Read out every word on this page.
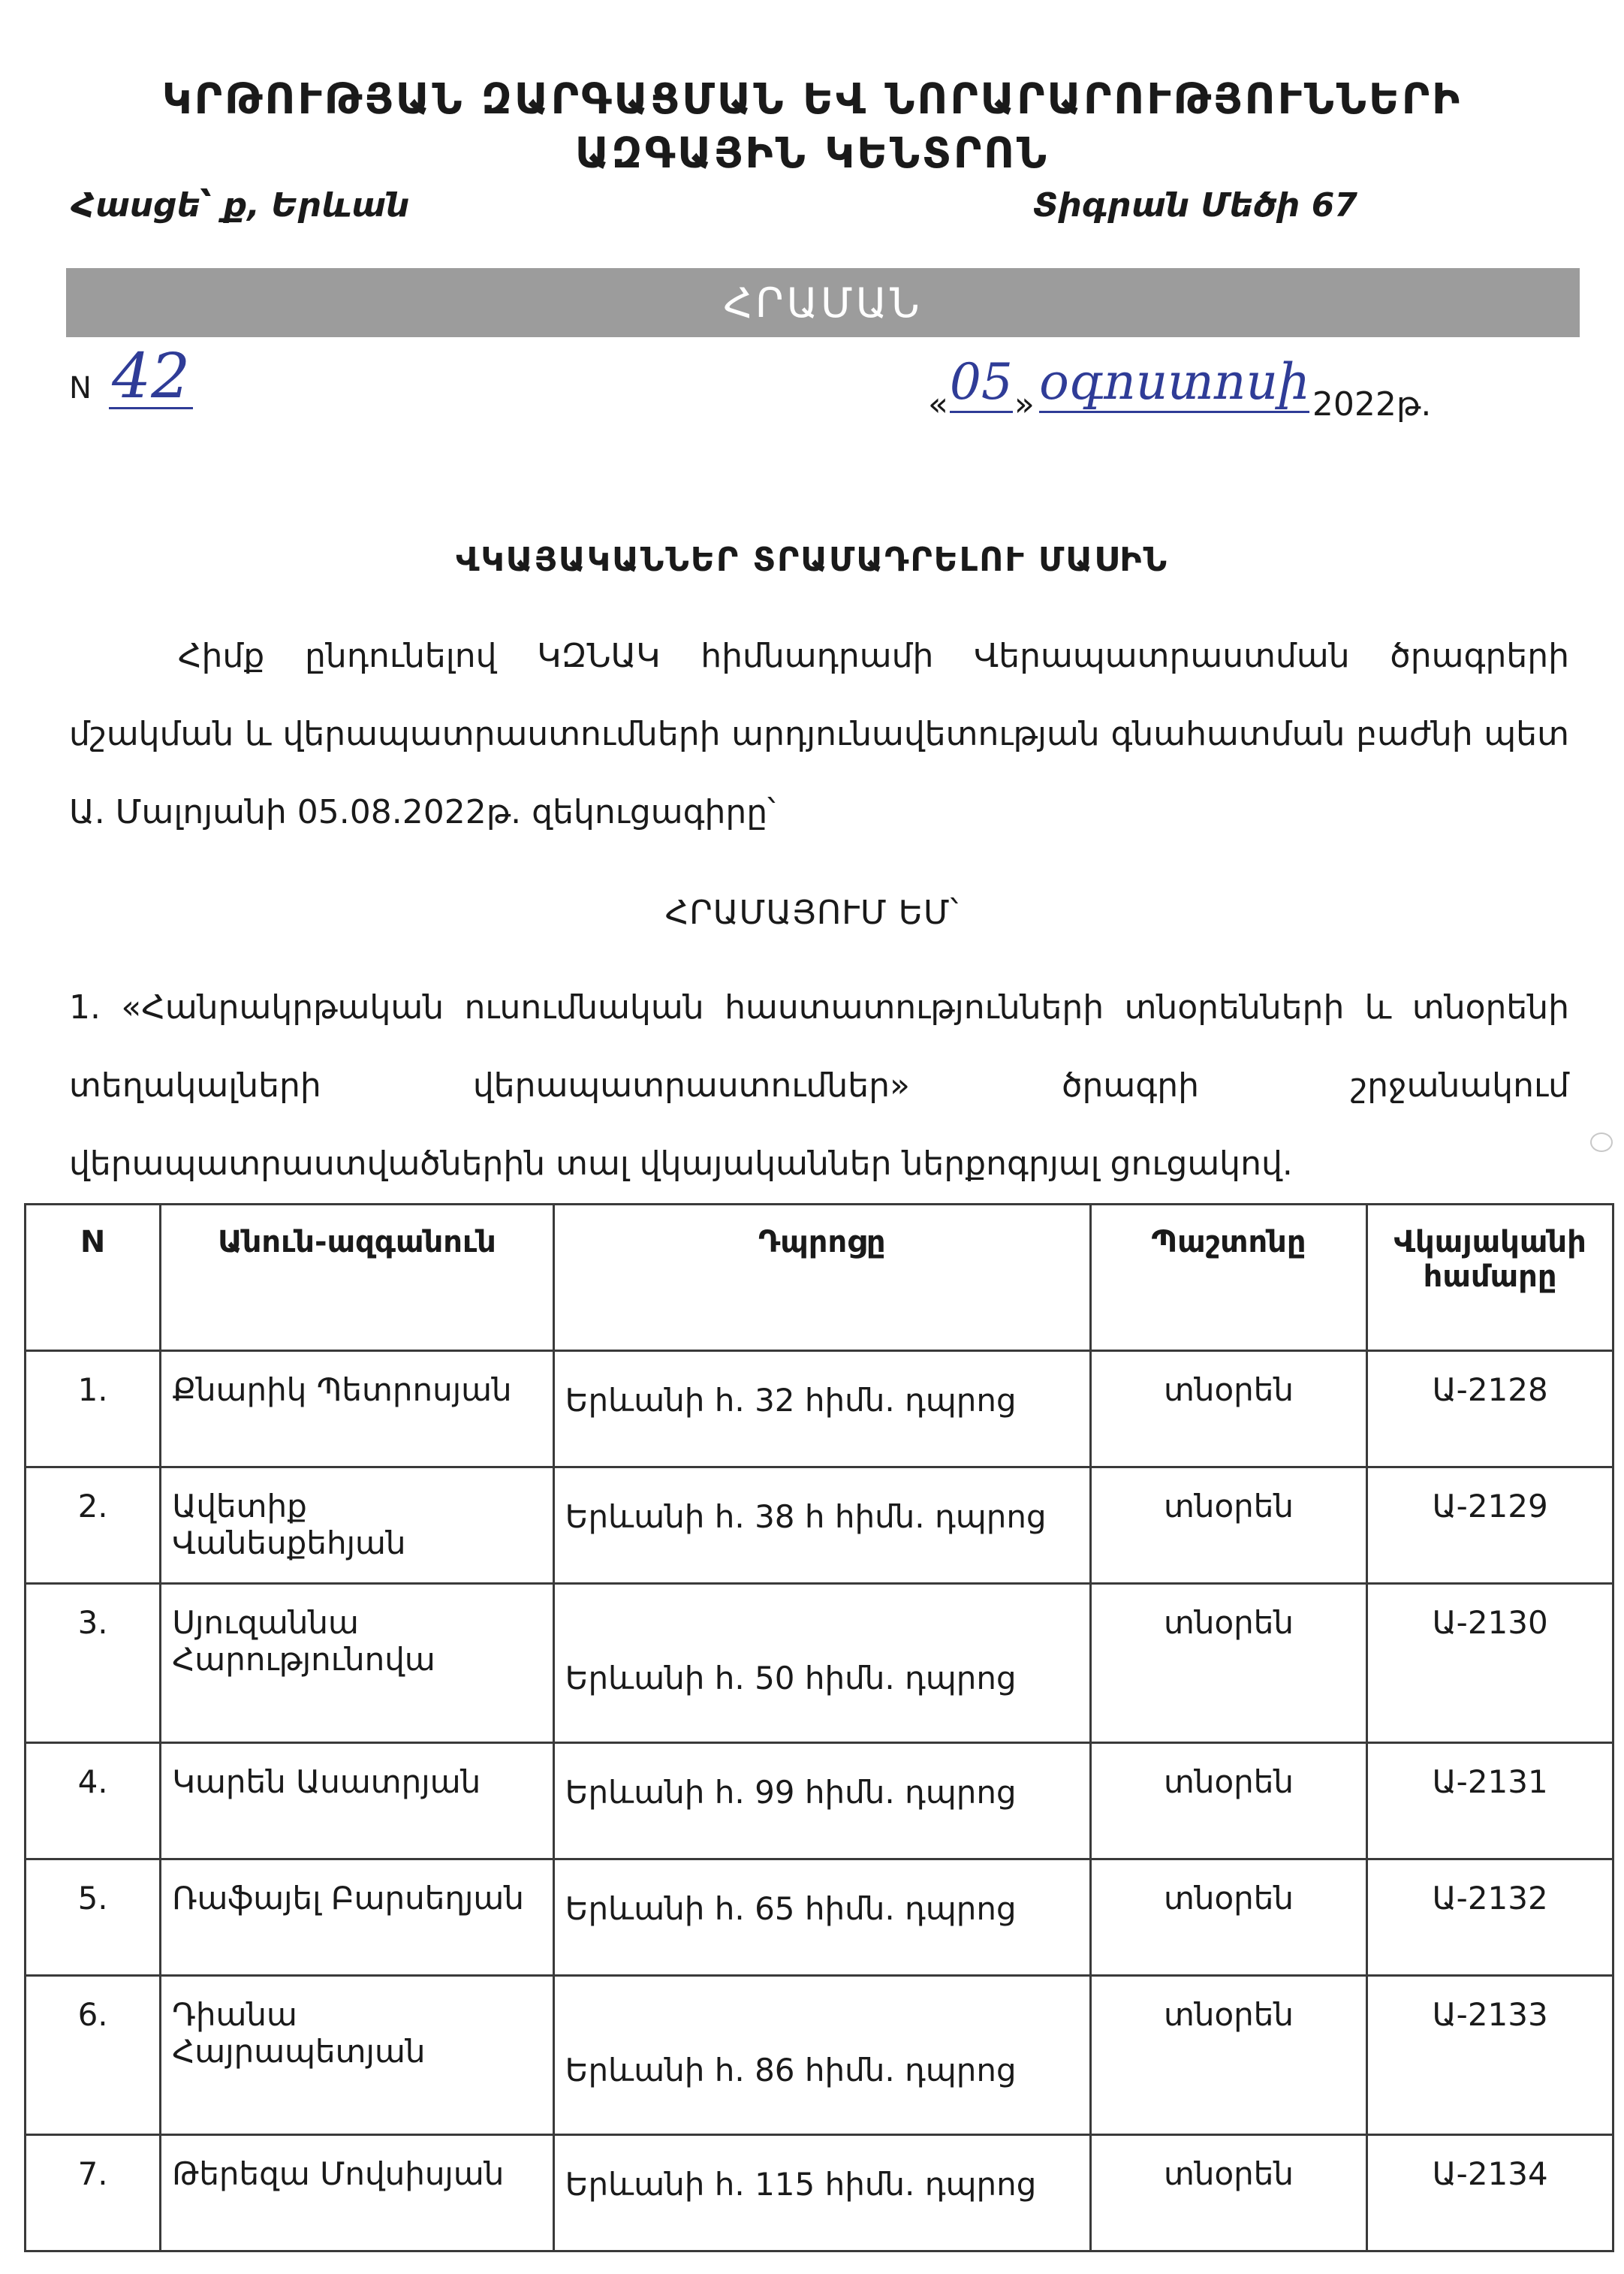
ԿՐԹՈՒԹՅԱՆ ԶԱՐԳԱՑՄԱՆ ԵՎ ՆՈՐԱՐԱՐՈՒԹՅՈՒՆՆԵՐԻ
ԱԶԳԱՅԻՆ ԿԵՆՏՐՈՆ
Հասցե՝ ք, Երևան	Տիգրան Մեծի 67
ՀՐԱՄԱՆ
N 42	«05»օգոստոսի2022թ.
ՎԿԱՅԱԿԱՆՆԵՐ ՏՐԱՄԱԴՐԵԼՈՒ ՄԱՍԻՆ
Հիմք ընդունելով ԿԶՆԱԿ հիմնադրամի Վերապատրաստման ծրագրերի մշակման և վերապատրաստումների արդյունավետության գնահատման բաժնի պետ Ա. Մալոյանի 05.08.2022թ. զեկուցագիրը՝
ՀՐԱՄԱՅՈՒՄ ԵՄ՝
1. «Հանրակրթական ուսումնական հաստատությունների տնօրենների և տնօրենի տեղակալների վերապատրաստումներ» ծրագրի շրջանակում վերապատրաստվածներին տալ վկայականներ ներքոգրյալ ցուցակով.
N	Անուն-ազգանուն	Դպրոցը	Պաշտոնը	Վկայականի համարը
1.	Քնարիկ Պետրոսյան	Երևանի հ. 32 հիմն. դպրոց	տնօրեն	Ա-2128
2.	Ավետիք Վանեսքեհյան	Երևանի հ. 38 հ հիմն. դպրոց	տնօրեն	Ա-2129
3.	Սյուզաննա Հարությունովա	Երևանի հ. 50 հիմն. դպրոց	տնօրեն	Ա-2130
4.	Կարեն Ասատրյան	Երևանի հ. 99 հիմն. դպրոց	տնօրեն	Ա-2131
5.	Ռաֆայել Բարսեղյան	Երևանի հ. 65 հիմն. դպրոց	տնօրեն	Ա-2132
6.	Դիանա Հայրապետյան	Երևանի հ. 86 հիմն. դպրոց	տնօրեն	Ա-2133
7.	Թերեզա Մովսիսյան	Երևանի հ. 115 հիմն. դպրոց	տնօրեն	Ա-2134
